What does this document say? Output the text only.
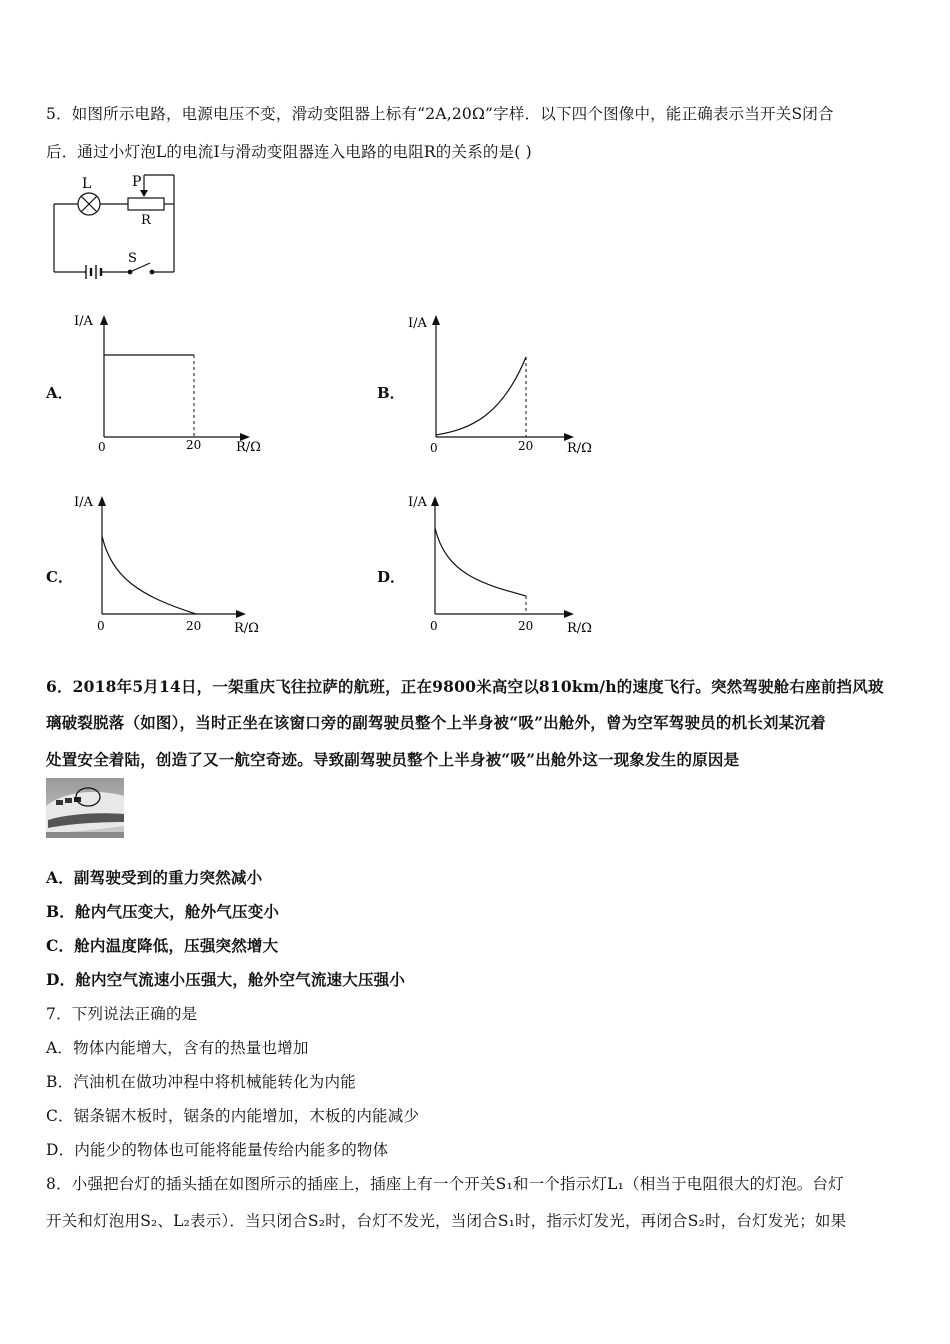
5．如图所示电路，电源电压不变，滑动变阻器上标有“2A,20Ω”字样．以下四个图像中，能正确表示当开关S闭合
后．通过小灯泡L的电流I与滑动变阻器连入电路的电阻R的关系的是( )
L	P
R
S
A．
I/A
0	20	R/Ω
B．
I/A
0	20	R/Ω
C．
I/A
0	20	R/Ω
D．
I/A
0	20	R/Ω
6．2018年5月14日，一架重庆飞往拉萨的航班，正在9800米高空以810km/h的速度飞行。突然驾驶舱右座前挡风玻
璃破裂脱落（如图），当时正坐在该窗口旁的副驾驶员整个上半身被“吸”出舱外，曾为空军驾驶员的机长刘某沉着
处置安全着陆，创造了又一航空奇迹。导致副驾驶员整个上半身被“吸”出舱外这一现象发生的原因是
A．副驾驶受到的重力突然减小
B．舱内气压变大，舱外气压变小
C．舱内温度降低，压强突然增大
D．舱内空气流速小压强大，舱外空气流速大压强小
7．下列说法正确的是
A．物体内能增大，含有的热量也增加
B．汽油机在做功冲程中将机械能转化为内能
C．锯条锯木板时，锯条的内能增加，木板的内能减少
D．内能少的物体也可能将能量传给内能多的物体
8．小强把台灯的插头插在如图所示的插座上，插座上有一个开关S₁和一个指示灯L₁（相当于电阻很大的灯泡。台灯
开关和灯泡用S₂、L₂表示）．当只闭合S₂时，台灯不发光，当闭合S₁时，指示灯发光，再闭合S₂时，台灯发光；如果
